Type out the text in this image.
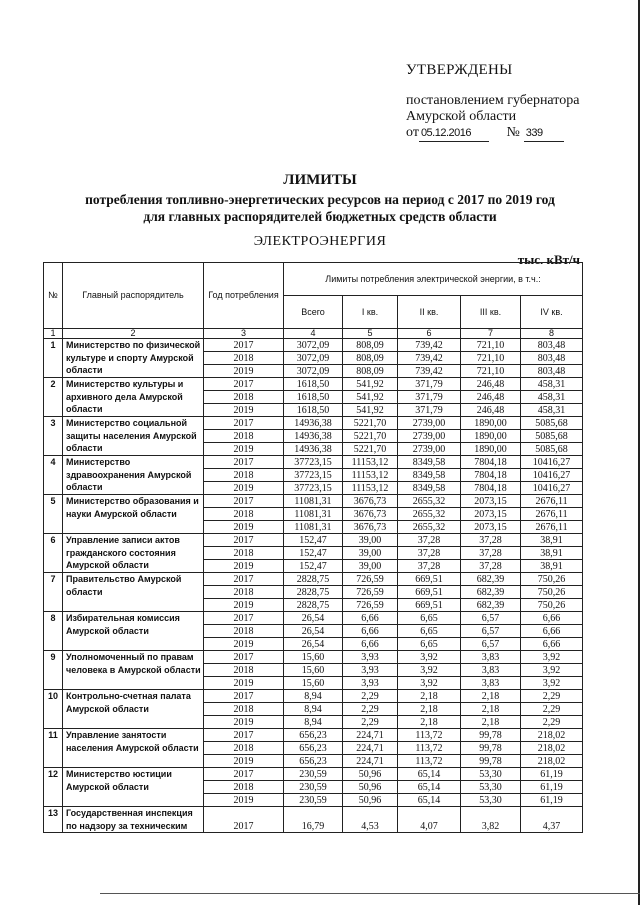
УТВЕРЖДЕНЫ
постановлением губернатора
Амурской области
от 05.12.2016	№ 339
ЛИМИТЫ
потребления топливно-энергетических ресурсов на период с 2017 по 2019 год
для главных распорядителей бюджетных средств области
ЭЛЕКТРОЭНЕРГИЯ
тыс. кВт/ч
№	Главный распорядитель	Год потребления	Лимиты потребления электрической энергии, в т.ч.:				
			Всего	I кв.	II кв.	III кв.	IV кв.
1	2	3	4	5	6	7	8
1	Министерство по физической культуре и спорту Амурской области	2017	3072,09	808,09	739,42	721,10	803,48
		2018	3072,09	808,09	739,42	721,10	803,48
		2019	3072,09	808,09	739,42	721,10	803,48
2	Министерство культуры и архивного дела Амурской области	2017	1618,50	541,92	371,79	246,48	458,31
		2018	1618,50	541,92	371,79	246,48	458,31
		2019	1618,50	541,92	371,79	246,48	458,31
3	Министерство социальной защиты населения Амурской области	2017	14936,38	5221,70	2739,00	1890,00	5085,68
		2018	14936,38	5221,70	2739,00	1890,00	5085,68
		2019	14936,38	5221,70	2739,00	1890,00	5085,68
4	Министерство здравоохранения Амурской области	2017	37723,15	11153,12	8349,58	7804,18	10416,27
		2018	37723,15	11153,12	8349,58	7804,18	10416,27
		2019	37723,15	11153,12	8349,58	7804,18	10416,27
5	Министерство образования и науки Амурской области	2017	11081,31	3676,73	2655,32	2073,15	2676,11
		2018	11081,31	3676,73	2655,32	2073,15	2676,11
		2019	11081,31	3676,73	2655,32	2073,15	2676,11
6	Управление записи актов гражданского состояния Амурской области	2017	152,47	39,00	37,28	37,28	38,91
		2018	152,47	39,00	37,28	37,28	38,91
		2019	152,47	39,00	37,28	37,28	38,91
7	Правительство Амурской области	2017	2828,75	726,59	669,51	682,39	750,26
		2018	2828,75	726,59	669,51	682,39	750,26
		2019	2828,75	726,59	669,51	682,39	750,26
8	Избирательная комиссия Амурской области	2017	26,54	6,66	6,65	6,57	6,66
		2018	26,54	6,66	6,65	6,57	6,66
		2019	26,54	6,66	6,65	6,57	6,66
9	Уполномоченный по правам человека в Амурской области	2017	15,60	3,93	3,92	3,83	3,92
		2018	15,60	3,93	3,92	3,83	3,92
		2019	15,60	3,93	3,92	3,83	3,92
10	Контрольно-счетная палата Амурской области	2017	8,94	2,29	2,18	2,18	2,29
		2018	8,94	2,29	2,18	2,18	2,29
		2019	8,94	2,29	2,18	2,18	2,29
11	Управление занятости населения Амурской области	2017	656,23	224,71	113,72	99,78	218,02
		2018	656,23	224,71	113,72	99,78	218,02
		2019	656,23	224,71	113,72	99,78	218,02
12	Министерство юстиции Амурской области	2017	230,59	50,96	65,14	53,30	61,19
		2018	230,59	50,96	65,14	53,30	61,19
		2019	230,59	50,96	65,14	53,30	61,19
13	Государственная инспекция по надзору за техническим	2017	16,79	4,53	4,07	3,82	4,37
